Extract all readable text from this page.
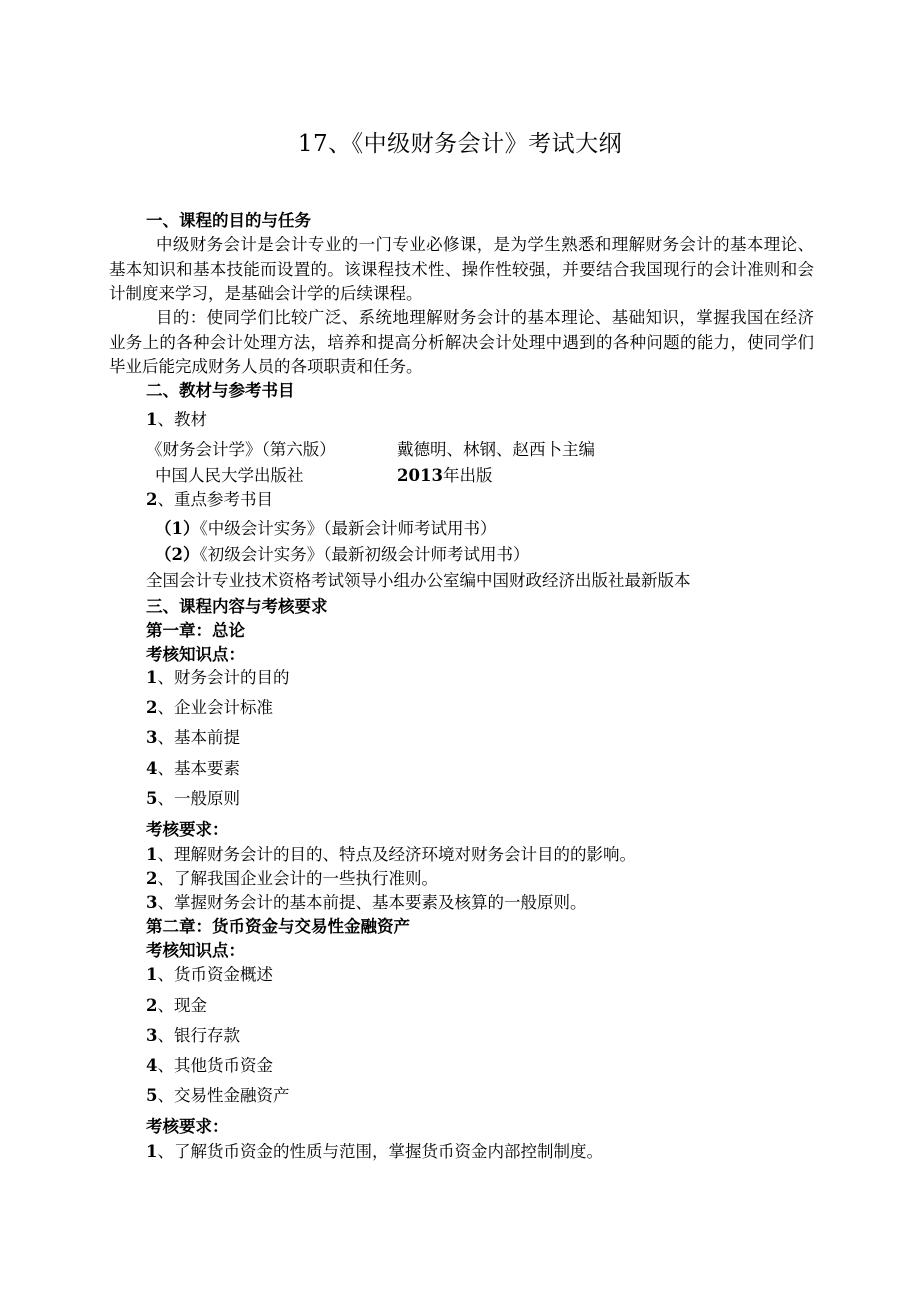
17、《中级财务会计》考试大纲
一、课程的目的与任务
中级财务会计是会计专业的一门专业必修课，是为学生熟悉和理解财务会计的基本理论、基本知识和基本技能而设置的。该课程技术性、操作性较强，并要结合我国现行的会计准则和会计制度来学习，是基础会计学的后续课程。
目的：使同学们比较广泛、系统地理解财务会计的基本理论、基础知识，掌握我国在经济业务上的各种会计处理方法，培养和提高分析解决会计处理中遇到的各种问题的能力，使同学们毕业后能完成财务人员的各项职责和任务。
二、教材与参考书目
1、教材
《财务会计学》（第六版）	戴德明、林钢、赵西卜主编
中国人民大学出版社	2013年出版
2、重点参考书目
（1）《中级会计实务》（最新会计师考试用书）
（2）《初级会计实务》（最新初级会计师考试用书）
全国会计专业技术资格考试领导小组办公室编中国财政经济出版社最新版本
三、课程内容与考核要求
第一章：总论
考核知识点：
1、财务会计的目的
2、企业会计标准
3、基本前提
4、基本要素
5、一般原则
考核要求：
1、理解财务会计的目的、特点及经济环境对财务会计目的的影响。
2、了解我国企业会计的一些执行准则。
3、掌握财务会计的基本前提、基本要素及核算的一般原则。
第二章：货币资金与交易性金融资产
考核知识点：
1、货币资金概述
2、现金
3、银行存款
4、其他货币资金
5、交易性金融资产
考核要求：
1、了解货币资金的性质与范围，掌握货币资金内部控制制度。
